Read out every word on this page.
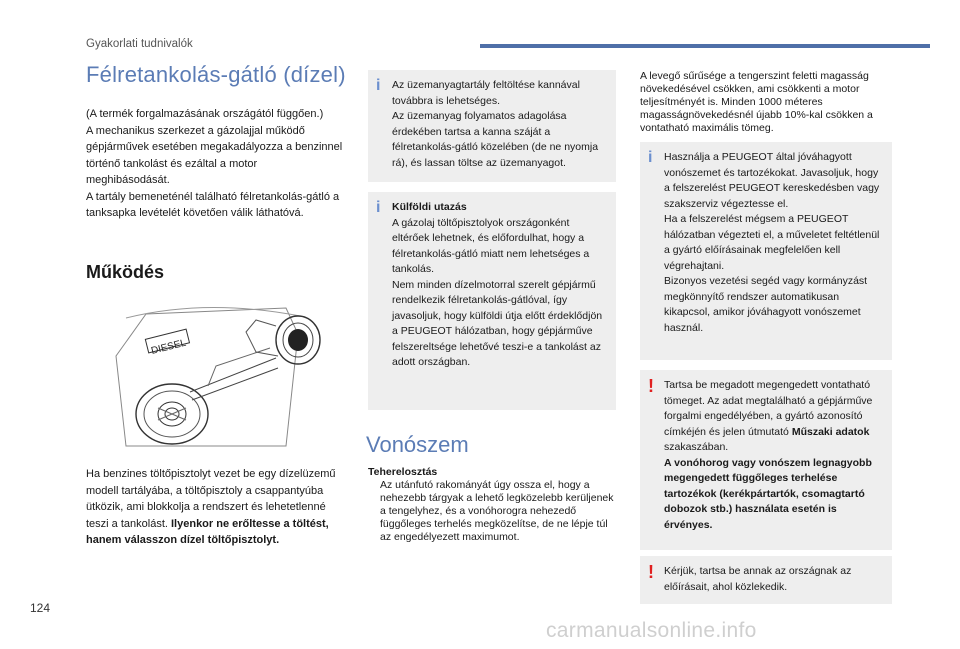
Gyakorlati tudnivalók
Félretankolás-gátló (dízel)

(A termék forgalmazásának országától függően.)

A mechanikus szerkezet a gázolajjal működő gépjárművek esetében megakadályozza a benzinnel történő tankolást és ezáltal a motor meghibásodását.

A tartály bemeneténél található félretankolás-gátló a tanksapka levételét követően válik láthatóvá.

Működés
DIESEL
Ha benzines töltőpisztolyt vezet be egy dízelüzemű modell tartályába, a töltőpisztoly a csappantyúba ütközik, ami blokkolja a rendszert és lehetetlenné teszi a tankolást. Ilyenkor ne erőltesse a töltést, hanem válasszon dízel töltőpisztolyt.
i Az üzemanyagtartály feltöltése kannával továbbra is lehetséges.

Az üzemanyag folyamatos adagolása érdekében tartsa a kanna száját a félretankolás-gátló közelében (de ne nyomja rá), és lassan töltse az üzemanyagot.

i Külföldi utazás

A gázolaj töltőpisztolyok országonként eltérőek lehetnek, és előfordulhat, hogy a félretankolás-gátló miatt nem lehetséges a tankolás.

Nem minden dízelmotorral szerelt gépjármű rendelkezik félretankolás-gátlóval, így javasoljuk, hogy külföldi útja előtt érdeklődjön a PEUGEOT hálózatban, hogy gépjárműve felszereltsége lehetővé teszi-e a tankolást az adott országban.

Vonószem
Teherelosztás
Az utánfutó rakományát úgy ossza el, hogy a nehezebb tárgyak a lehető legközelebb kerüljenek a tengelyhez, és a vonóhorogra nehezedő függőleges terhelés megközelítse, de ne lépje túl az engedélyezett maximumot.
A levegő sűrűsége a tengerszint feletti magasság növekedésével csökken, ami csökkenti a motor teljesítményét is. Minden 1000 méteres magasságnövekedésnél újabb 10%-kal csökken a vontatható maximális tömeg.
i Használja a PEUGEOT által jóváhagyott vonószemet és tartozékokat. Javasoljuk, hogy a felszerelést PEUGEOT kereskedésben vagy szakszerviz végeztesse el.

Ha a felszerelést mégsem a PEUGEOT hálózatban végezteti el, a műveletet feltétlenül a gyártó előírásainak megfelelően kell végrehajtani.

Bizonyos vezetési segéd vagy kormányzást megkönnyítő rendszer automatikusan kikapcsol, amikor jóváhagyott vonószemet használ.

! Tartsa be megadott megengedett vontatható tömeget. Az adat megtalálható a gépjárműve forgalmi engedélyében, a gyártó azonosító címkéjén és jelen útmutató Műszaki adatok szakaszában.

A vonóhorog vagy vonószem legnagyobb megengedett függőleges terhelése tartozékok (kerékpártartók, csomagtartó dobozok stb.) használata esetén is érvényes.

! Kérjük, tartsa be annak az országnak az előírásait, ahol közlekedik.

124
carmanualsonline.info
